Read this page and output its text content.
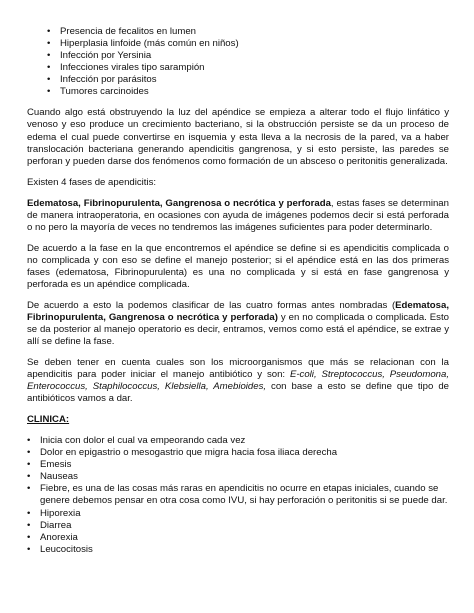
• Presencia de fecalitos en lumen
• Hiperplasia linfoide (más común en niños)
• Infección por Yersinia
• Infecciones virales tipo sarampión
• Infección por parásitos
• Tumores carcinoides

Cuando algo está obstruyendo la luz del apéndice se empieza a alterar todo el flujo linfático y venoso y eso produce un crecimiento bacteriano, si la obstrucción persiste se da un proceso de edema el cual puede convertirse en isquemia y esta lleva a la necrosis de la pared, va a haber translocación bacteriana generando apendicitis gangrenosa, y si esto persiste, las paredes se perforan y pueden darse dos fenómenos como formación de un absceso o peritonitis generalizada.

Existen 4 fases de apendicitis:

Edematosa, Fibrinopurulenta, Gangrenosa o necrótica y perforada, estas fases se determinan de manera intraoperatoria, en ocasiones con ayuda de imágenes podemos decir si está perforada o no pero la mayoría de veces no tendremos las imágenes suficientes para poder determinarlo.

De acuerdo a la fase en la que encontremos el apéndice se define si es apendicitis complicada o no complicada y con eso se define el manejo posterior; si el apéndice está en las dos primeras fases (edematosa, Fibrinopurulenta) es una no complicada y si está en fase gangrenosa y perforada es un apéndice complicada.

De acuerdo a esto la podemos clasificar de las cuatro formas antes nombradas (Edematosa, Fibrinopurulenta, Gangrenosa o necrótica y perforada) y en no complicada o complicada. Esto se da posterior al manejo operatorio es decir, entramos, vemos como está el apéndice, se extrae y allí se define la fase.

Se deben tener en cuenta cuales son los microorganismos que más se relacionan con la apendicitis para poder iniciar el manejo antibiótico y son: E-coli, Streptococcus, Pseudomona, Enterococcus, Staphilococcus, Klebsiella, Amebioides, con base a esto se define que tipo de antibióticos vamos a dar.

CLINICA:

• Inicia con dolor el cual va empeorando cada vez
• Dolor en epigastrio o mesogastrio que migra hacia fosa iliaca derecha
• Emesis
• Nauseas
• Fiebre, es una de las cosas más raras en apendicitis no ocurre en etapas iniciales, cuando se genere debemos pensar en otra cosa como IVU, si hay perforación o peritonitis si se puede dar.
• Hiporexia
• Diarrea
• Anorexia
• Leucocitosis
